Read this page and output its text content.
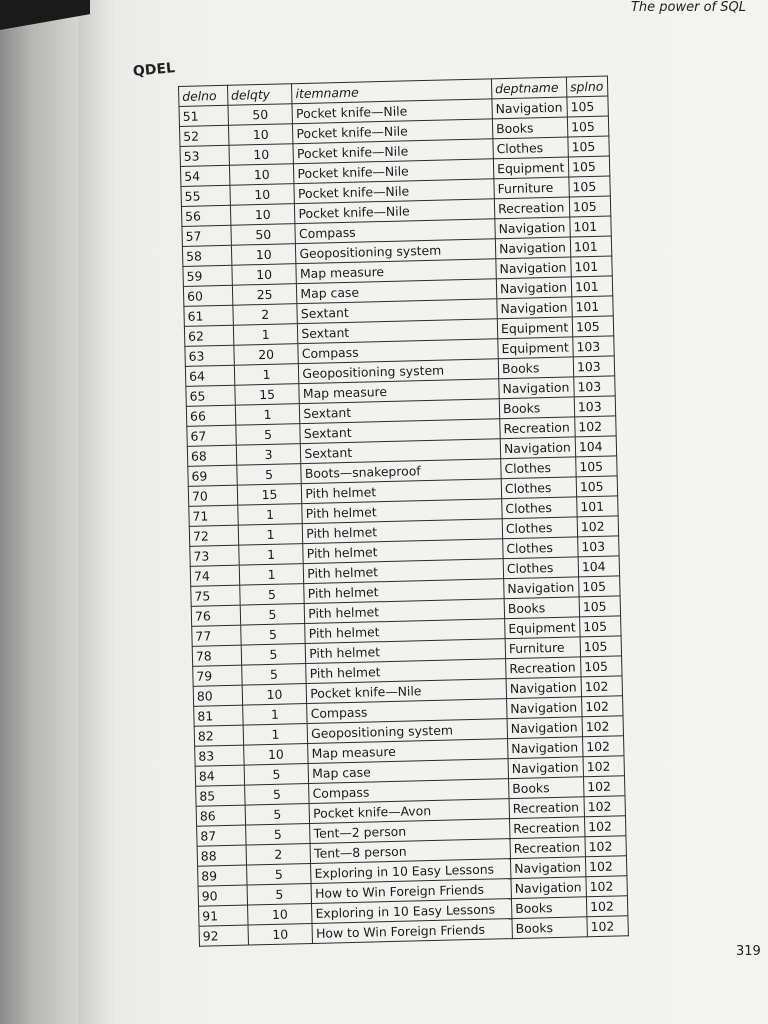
The power of SQL
QDEL
delno	delqty	itemname	deptname	splno
51	50	Pocket knife—Nile	Navigation	105
52	10	Pocket knife—Nile	Books	105
53	10	Pocket knife—Nile	Clothes	105
54	10	Pocket knife—Nile	Equipment	105
55	10	Pocket knife—Nile	Furniture	105
56	10	Pocket knife—Nile	Recreation	105
57	50	Compass	Navigation	101
58	10	Geopositioning system	Navigation	101
59	10	Map measure	Navigation	101
60	25	Map case	Navigation	101
61	2	Sextant	Navigation	101
62	1	Sextant	Equipment	105
63	20	Compass	Equipment	103
64	1	Geopositioning system	Books	103
65	15	Map measure	Navigation	103
66	1	Sextant	Books	103
67	5	Sextant	Recreation	102
68	3	Sextant	Navigation	104
69	5	Boots—snakeproof	Clothes	105
70	15	Pith helmet	Clothes	105
71	1	Pith helmet	Clothes	101
72	1	Pith helmet	Clothes	102
73	1	Pith helmet	Clothes	103
74	1	Pith helmet	Clothes	104
75	5	Pith helmet	Navigation	105
76	5	Pith helmet	Books	105
77	5	Pith helmet	Equipment	105
78	5	Pith helmet	Furniture	105
79	5	Pith helmet	Recreation	105
80	10	Pocket knife—Nile	Navigation	102
81	1	Compass	Navigation	102
82	1	Geopositioning system	Navigation	102
83	10	Map measure	Navigation	102
84	5	Map case	Navigation	102
85	5	Compass	Books	102
86	5	Pocket knife—Avon	Recreation	102
87	5	Tent—2 person	Recreation	102
88	2	Tent—8 person	Recreation	102
89	5	Exploring in 10 Easy Lessons	Navigation	102
90	5	How to Win Foreign Friends	Navigation	102
91	10	Exploring in 10 Easy Lessons	Books	102
92	10	How to Win Foreign Friends	Books	102
319
